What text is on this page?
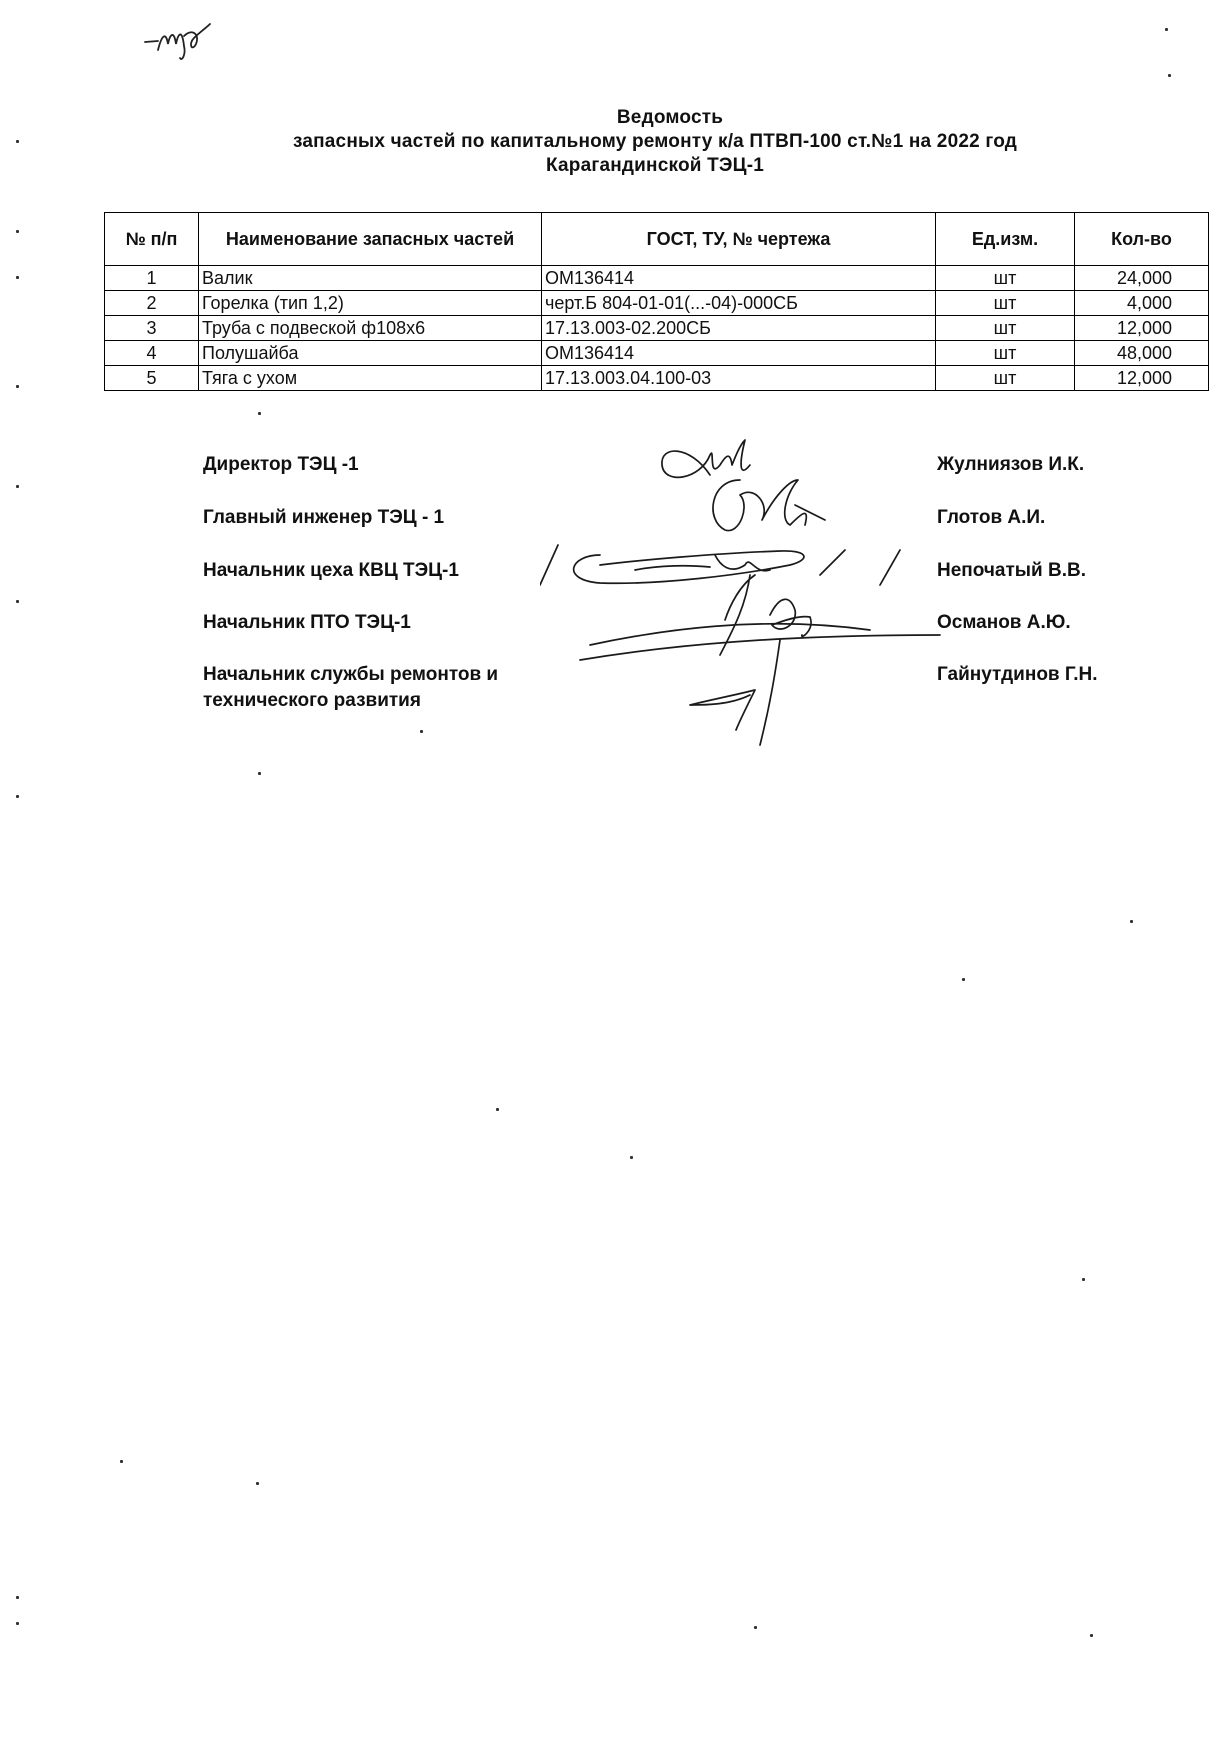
Ведомость
запасных частей по капитальному ремонту к/а ПТВП-100 ст.№1 на 2022 год
Карагандинской ТЭЦ-1
№ п/п	Наименование запасных частей	ГОСТ, ТУ, № чертежа	Ед.изм.	Кол-во
1	Валик	ОМ136414	шт	24,000
2	Горелка (тип 1,2)	черт.Б 804-01-01(...-04)-000СБ	шт	4,000
3	Труба с подвеской ф108х6	17.13.003-02.200СБ	шт	12,000
4	Полушайба	ОМ136414	шт	48,000
5	Тяга с ухом	17.13.003.04.100-03	шт	12,000
Директор ТЭЦ -1	Жулниязов И.К.
Главный инженер ТЭЦ - 1	Глотов А.И.
Начальник цеха КВЦ ТЭЦ-1	Непочатый В.В.
Начальник ПТО ТЭЦ-1	Османов А.Ю.
Начальник службы ремонтов и
технического развития
Гайнутдинов Г.Н.
